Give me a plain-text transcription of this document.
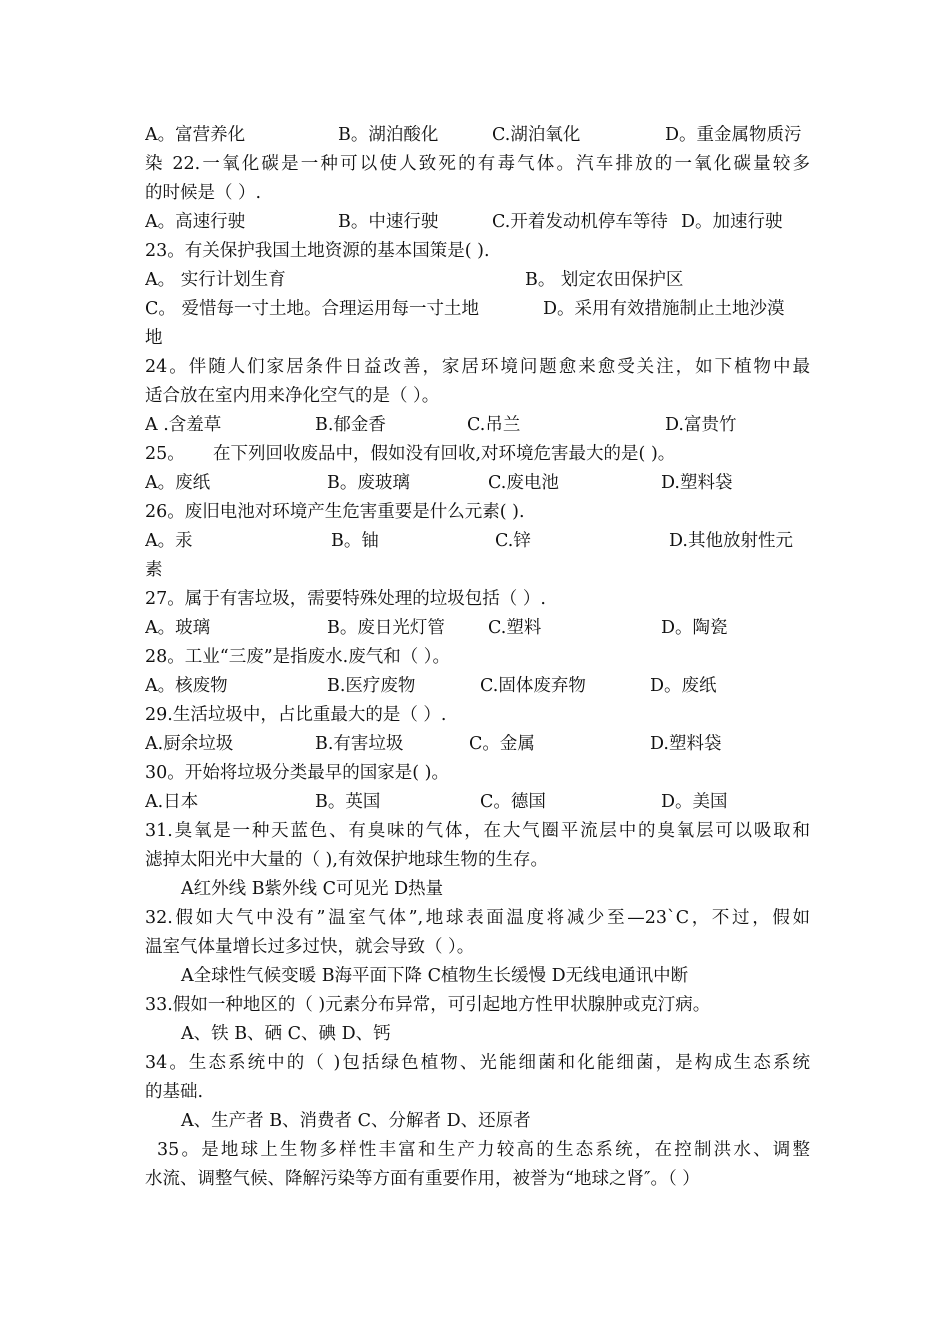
A。富营养化	B。湖泊酸化	C.湖泊氧化	D。重金属物质污
染 22.一氧化碳是一种可以使人致死的有毒气体。汽车排放的一氧化碳量较多
的时候是（ ）.
A。高速行驶	B。中速行驶	C.开着发动机停车等待 D。加速行驶
23。有关保护我国土地资源的基本国策是( ).
A。 实行计划生育	B。 划定农田保护区
C。 爱惜每一寸土地。合理运用每一寸土地	D。采用有效措施制止土地沙漠
地
24。伴随人们家居条件日益改善，家居环境问题愈来愈受关注，如下植物中最
适合放在室内用来净化空气的是（ ）。
A .含羞草	B.郁金香	C.吊兰	D.富贵竹
25。 在下列回收废品中，假如没有回收,对环境危害最大的是( )。
A。废纸	B。废玻璃	C.废电池	D.塑料袋
26。废旧电池对环境产生危害重要是什么元素( ).
A。汞	B。铀	C.锌	D.其他放射性元
素
27。属于有害垃圾，需要特殊处理的垃圾包括（ ）.
A。玻璃	B。废日光灯管 C.塑料	D。陶瓷
28。工业“三废”是指废水.废气和（ ）。
A。核废物	B.医疗废物	C.固体废弃物	D。废纸
29.生活垃圾中，占比重最大的是（ ）.
A.厨余垃圾	B.有害垃圾	C。金属	D.塑料袋
30。开始将垃圾分类最早的国家是( )。
A.日本	B。英国	C。德国	D。美国
31.臭氧是一种天蓝色、有臭味的气体，在大气圈平流层中的臭氧层可以吸取和
滤掉太阳光中大量的（ ),有效保护地球生物的生存。
A红外线 B紫外线 C可见光 D热量
32.假如大气中没有”温室气体”,地球表面温度将减少至—23`C，不过，假如
温室气体量增长过多过快，就会导致（ ）。
A全球性气候变暖 B海平面下降 C植物生长缓慢 D无线电通讯中断
33.假如一种地区的（ )元素分布异常，可引起地方性甲状腺肿或克汀病。
A、铁 B、硒 C、碘 D、钙
34。生态系统中的（ )包括绿色植物、光能细菌和化能细菌，是构成生态系统
的基础.
A、生产者 B、消费者 C、分解者 D、还原者
35。是地球上生物多样性丰富和生产力较高的生态系统，在控制洪水、调整
水流、调整气候、降解污染等方面有重要作用，被誉为“地球之肾″。（ ）
